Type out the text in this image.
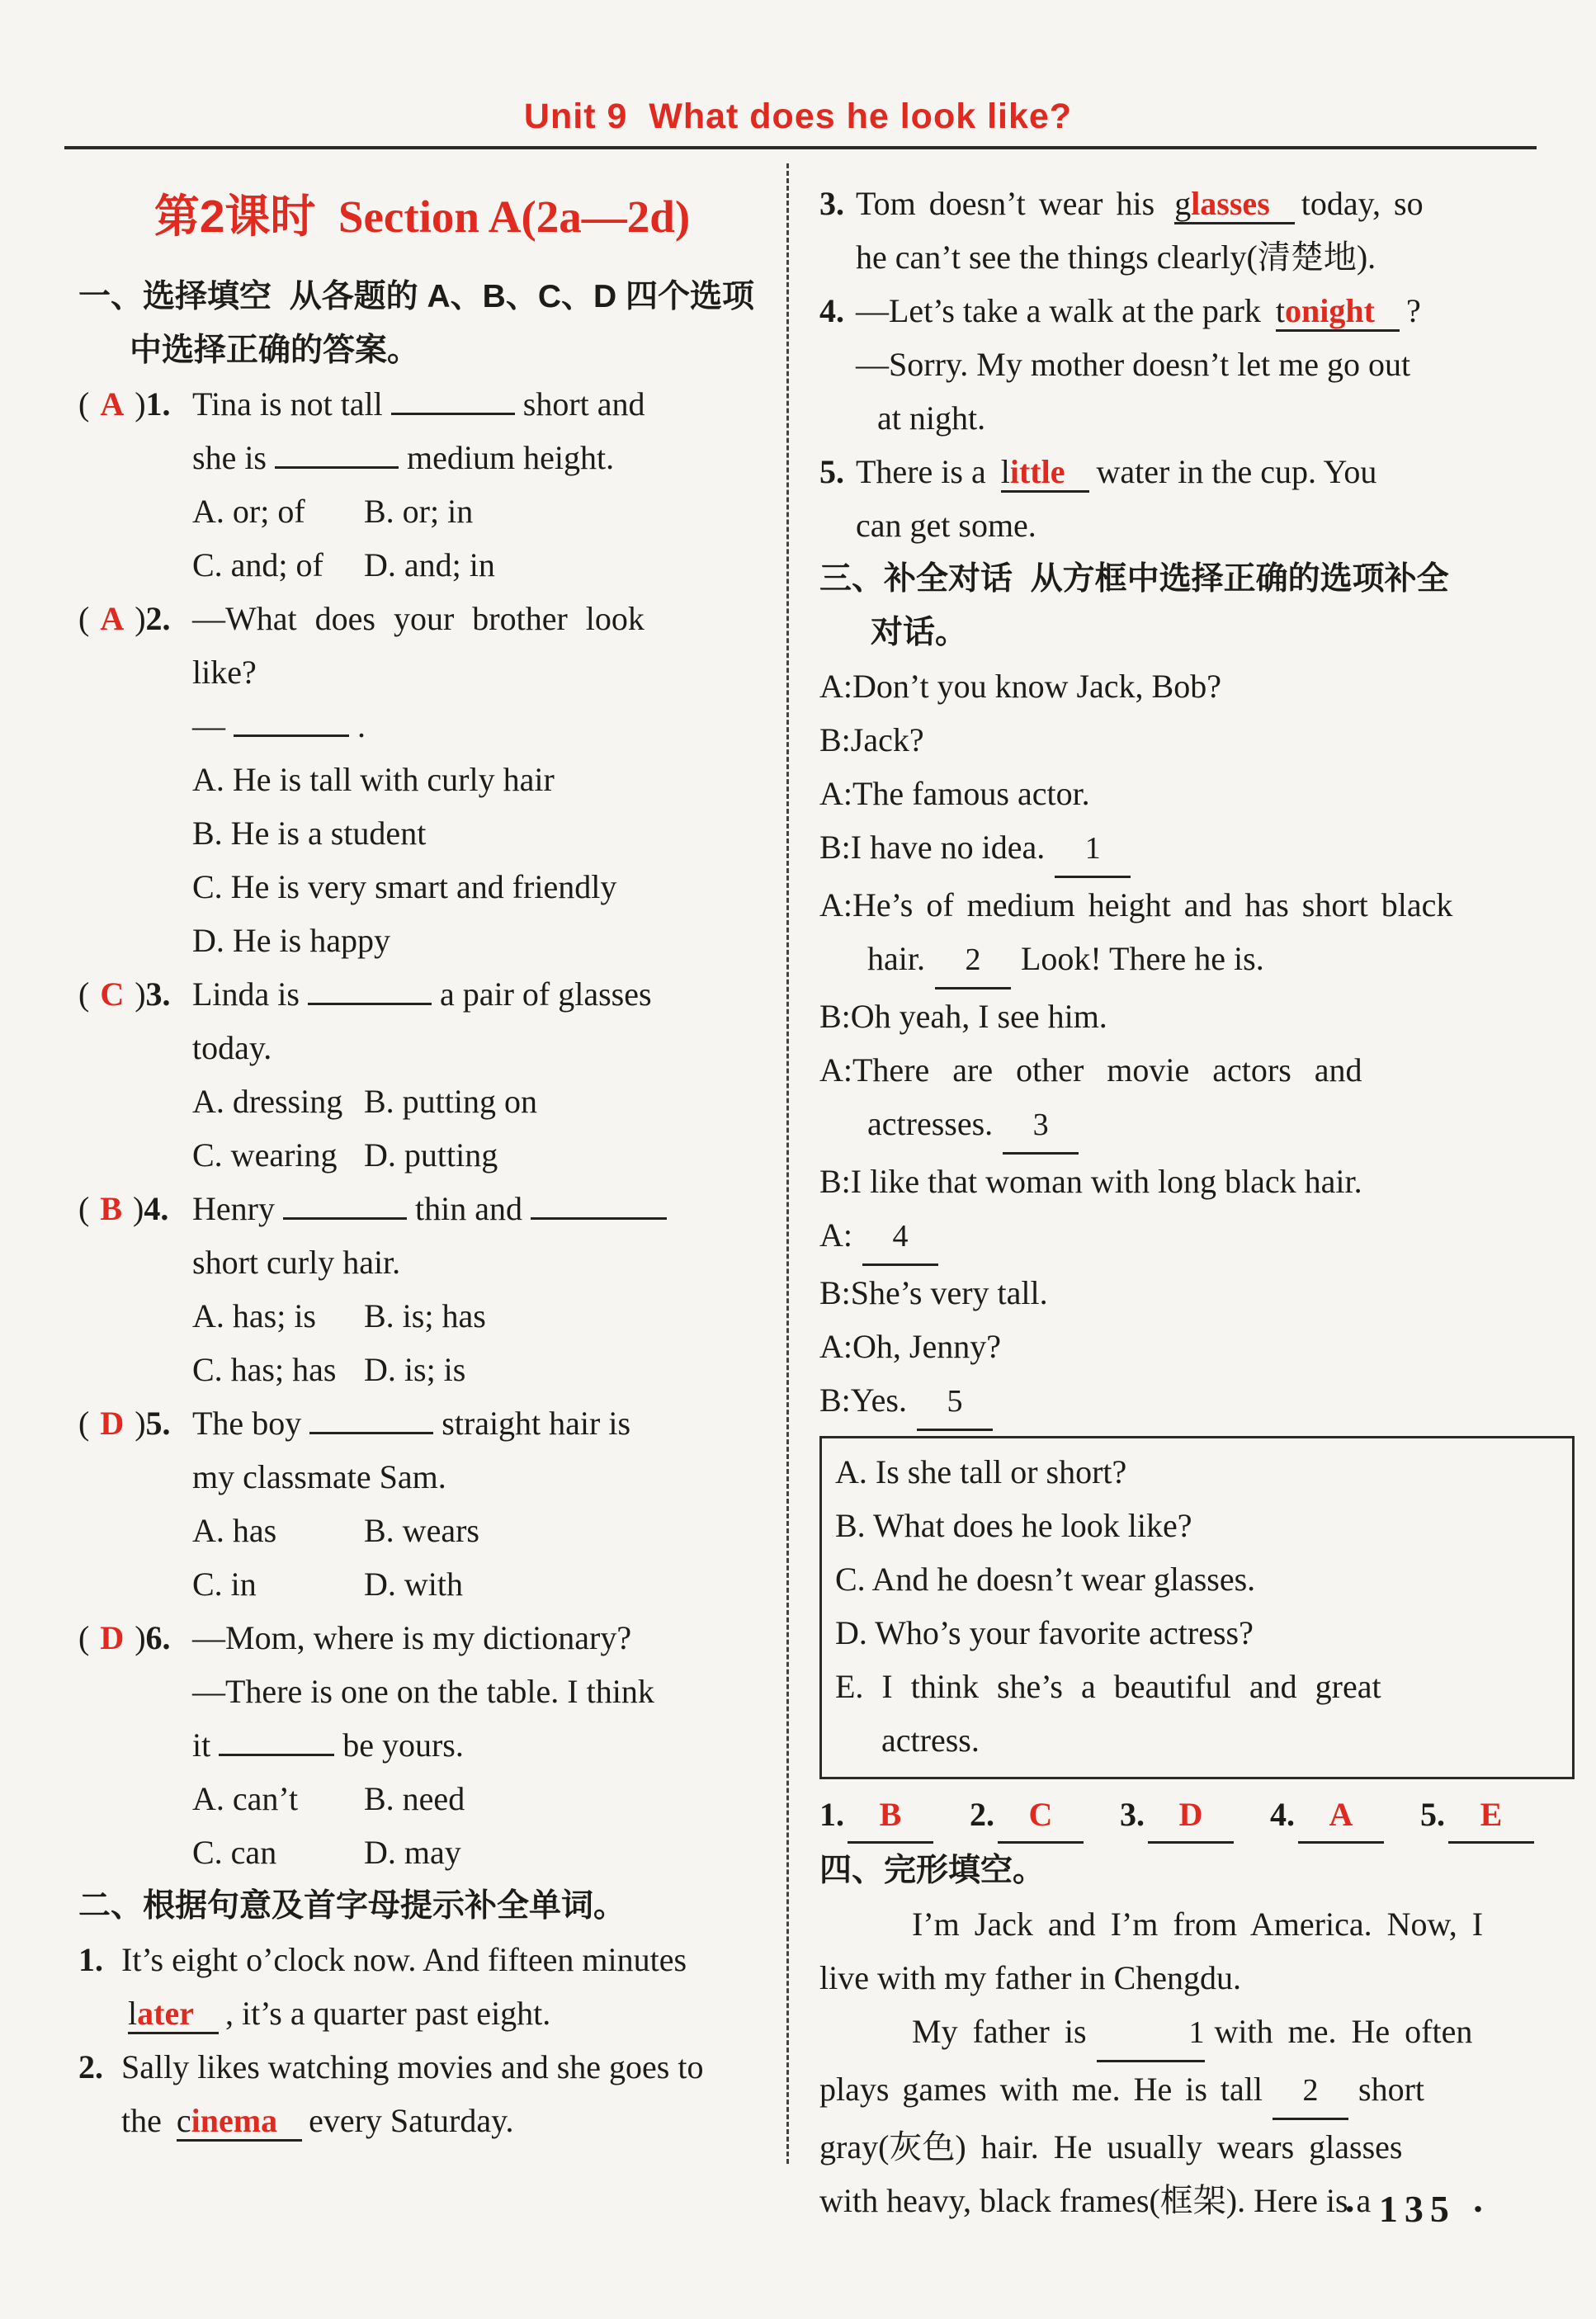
Unit 9  What does he look like?
第2课时 Section A(2a—2d)
一、选择填空  从各题的 A、B、C、D 四个选项
中选择正确的答案。
( A )1. Tina is not tall	short and
she is	medium height.
A. or; of	B. or; in
C. and; of	D. and; in
( A )2. —What does your brother look
like?
—	.
A. He is tall with curly hair
B. He is a student
C. He is very smart and friendly
D. He is happy
( C )3. Linda is	a pair of glasses
today.
A. dressing B. putting on
C. wearing D. putting
( B )4. Henry	thin and
short curly hair.
A. has; is	B. is; has
C. has; has D. is; is
( D )5. The boy	straight hair is
my classmate Sam.
A. has	B. wears
C. in	D. with
( D )6. —Mom, where is my dictionary?
—There is one on the table. I think
it	be yours.
A. can’t	B. need
C. can	D. may
二、根据句意及首字母提示补全单词。
1. It’s eight o’clock now. And fifteen minutes
later , it’s a quarter past eight.
2. Sally likes watching movies and she goes to
the cinema every Saturday.
3. Tom doesn’t wear his glasses today, so
he can’t see the things clearly(清楚地).
4. —Let’s take a walk at the park tonight ?
—Sorry. My mother doesn’t let me go out
at night.
5. There is a little water in the cup. You
can get some.
三、补全对话  从方框中选择正确的选项补全
对话。
A:Don’t you know Jack, Bob?
B:Jack?
A:The famous actor.
B:I have no idea. 1
A:He’s of medium height and has short black
hair. 2 Look! There he is.
B:Oh yeah, I see him.
A:There are other movie actors and
actresses. 3
B:I like that woman with long black hair.
A: 4
B:She’s very tall.
A:Oh, Jenny?
B:Yes. 5
A. Is she tall or short?
B. What does he look like?
C. And he doesn’t wear glasses.
D. Who’s your favorite actress?
E. I think she’s a beautiful and great
actress.
1.	B	2.	C	3.	D	4.	A	5.	E
四、完形填空。
I’m Jack and I’m from America. Now, I
live with my father in Chengdu.
My father is	1 with me. He often
plays games with me. He is tall 2 short
gray(灰色) hair. He usually wears glasses
with heavy, black frames(框架). Here is a
· 135 ·
